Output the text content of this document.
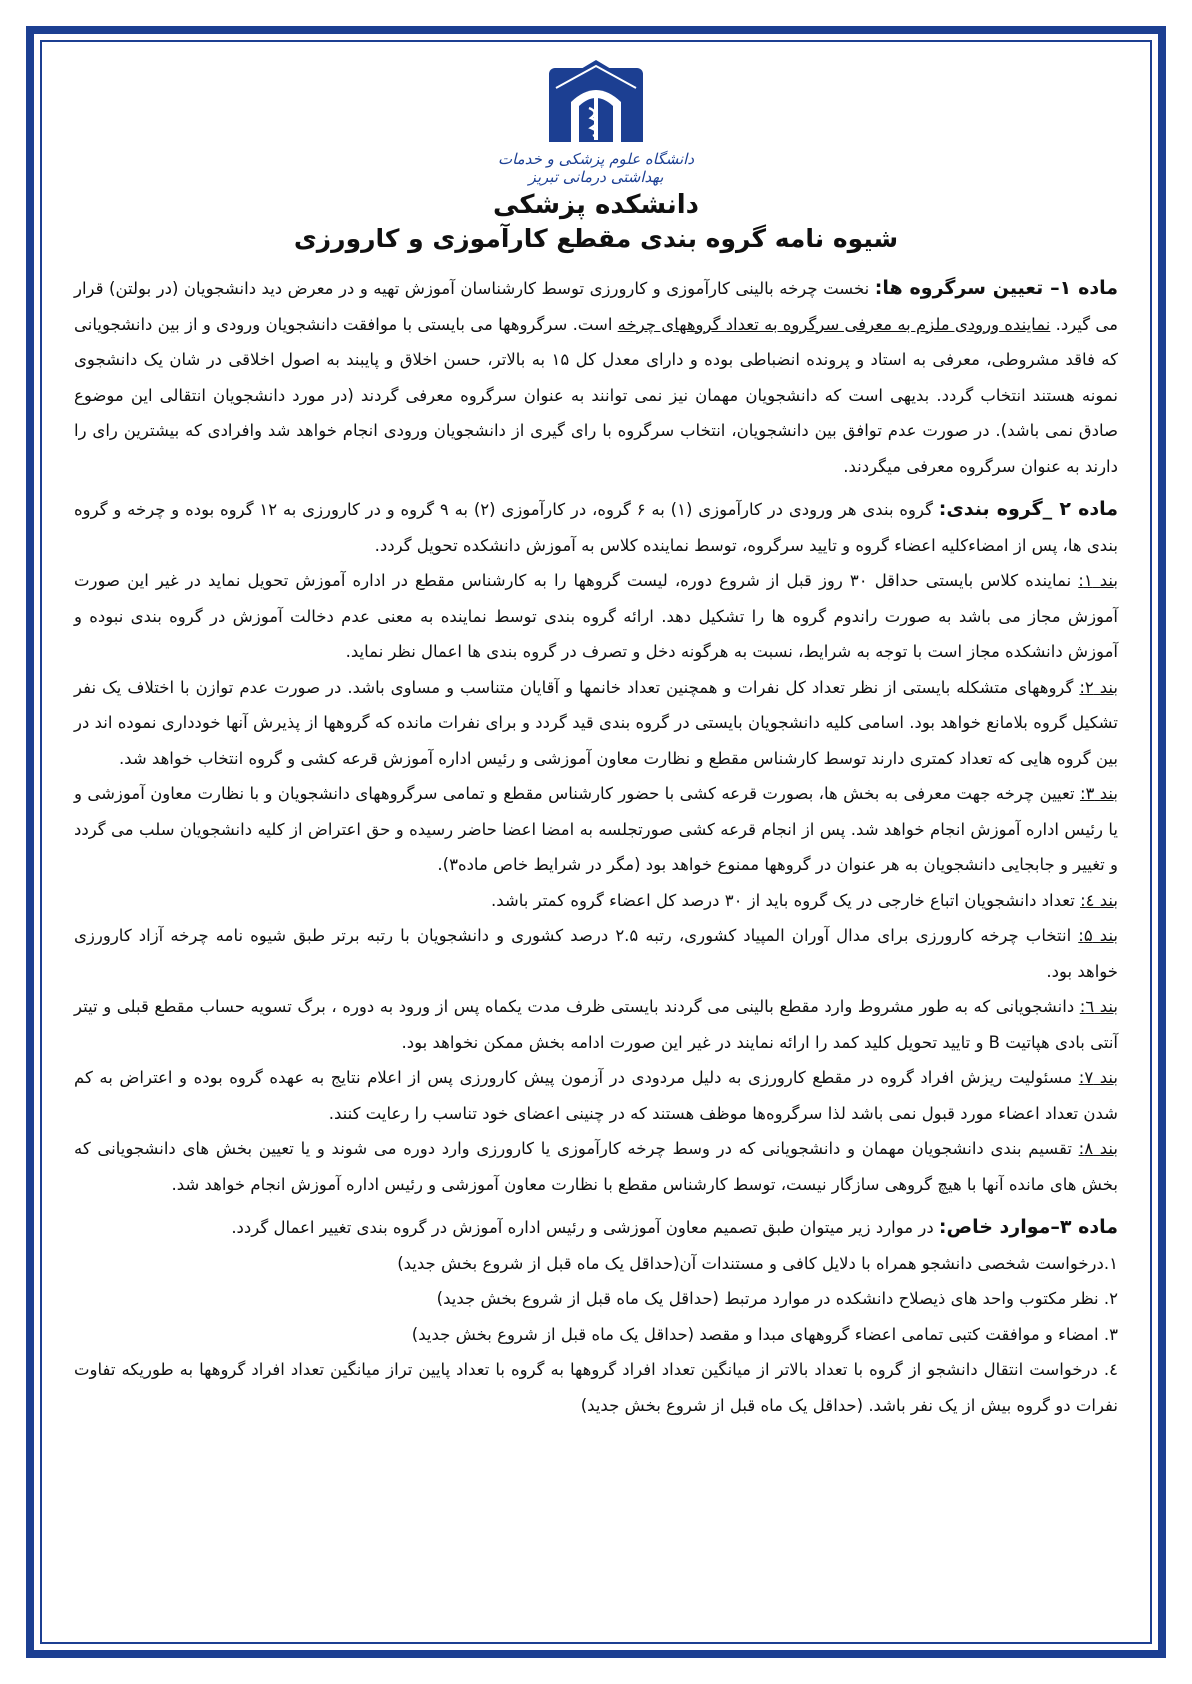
دانشگاه علوم پزشکی و خدمات بهداشتی درمانی تبریز
دانشکده پزشکی
شیوه نامه گروه بندی مقطع کارآموزی و کارورزی
ماده ۱– تعیین سرگروه ها: نخست چرخه بالینی کارآموزی و کارورزی توسط کارشناسان آموزش تهیه و در معرض دید دانشجویان (در بولتن) قرار می گیرد. نماینده ورودی ملزم به معرفی سرگروه به تعداد گروههای چرخه است. سرگروهها می بایستی با موافقت دانشجویان ورودی و از بین دانشجویانی که فاقد مشروطی، معرفی به استاد و پرونده انضباطی بوده و دارای معدل کل ۱۵ به بالاتر، حسن اخلاق و پایبند به اصول اخلاقی در شان یک دانشجوی نمونه هستند انتخاب گردد. بدیهی است که دانشجویان مهمان نیز نمی توانند به عنوان سرگروه معرفی گردند (در مورد دانشجویان انتقالی این موضوع صادق نمی باشد). در صورت عدم توافق بین دانشجویان، انتخاب سرگروه با رای گیری از دانشجویان ورودی انجام خواهد شد وافرادی که بیشترین رای را دارند به عنوان سرگروه معرفی میگردند.
ماده ۲ _گروه بندی: گروه بندی هر ورودی در کارآموزی (۱) به ۶ گروه، در کارآموزی (۲) به ۹ گروه و در کارورزی به ۱۲ گروه بوده و چرخه و گروه بندی ها، پس از امضاءکلیه اعضاء گروه و تایید سرگروه، توسط نماینده کلاس به آموزش دانشکده تحویل گردد.
بند ۱: نماینده کلاس بایستی حداقل ۳۰ روز قبل از شروع دوره، لیست گروهها را به کارشناس مقطع در اداره آموزش تحویل نماید در غیر این صورت آموزش مجاز می باشد به صورت راندوم گروه ها را تشکیل دهد. ارائه گروه بندی توسط نماینده به معنی عدم دخالت آموزش در گروه بندی نبوده و آموزش دانشکده مجاز است با توجه به شرایط، نسبت به هرگونه دخل و تصرف در گروه بندی ها اعمال نظر نماید.
بند ۲: گروههای متشکله بایستی از نظر تعداد کل نفرات و همچنین تعداد خانمها و آقایان متناسب و مساوی باشد. در صورت عدم توازن با اختلاف یک نفر تشکیل گروه بلامانع خواهد بود. اسامی کلیه دانشجویان بایستی در گروه بندی قید گردد و برای نفرات مانده که گروهها از پذیرش آنها خودداری نموده اند در بین گروه هایی که تعداد کمتری دارند توسط کارشناس مقطع و نظارت معاون آموزشی و رئیس اداره آموزش قرعه کشی و گروه انتخاب خواهد شد.
بند ۳: تعیین چرخه جهت معرفی به بخش ها، بصورت قرعه کشی با حضور کارشناس مقطع و تمامی سرگروههای دانشجویان و با نظارت معاون آموزشی و یا رئیس اداره آموزش انجام خواهد شد. پس از انجام قرعه کشی صورتجلسه به امضا اعضا حاضر رسیده و حق اعتراض از کلیه دانشجویان سلب می گردد و تغییر و جابجایی دانشجویان به هر عنوان در گروهها ممنوع خواهد بود (مگر در شرایط خاص ماده۳).
بند ٤: تعداد دانشجویان اتباع خارجی در یک گروه باید از ۳۰ درصد کل اعضاء گروه کمتر باشد.
بند ۵: انتخاب چرخه کارورزی برای مدال آوران المپیاد کشوری، رتبه ۲.۵ درصد کشوری و دانشجویان با رتبه برتر طبق شیوه نامه چرخه آزاد کارورزی خواهد بود.
بند ٦: دانشجویانی که به طور مشروط وارد مقطع بالینی می گردند بایستی ظرف مدت یکماه پس از ورود به دوره ، برگ تسویه حساب مقطع قبلی و تیتر آنتی بادی هپاتیت B و تایید تحویل کلید کمد را ارائه نمایند در غیر این صورت ادامه بخش ممکن نخواهد بود.
بند ۷: مسئولیت ریزش افراد گروه در مقطع کارورزی به دلیل مردودی در آزمون پیش کارورزی پس از اعلام نتایج به عهده گروه بوده و اعتراض به کم شدن تعداد اعضاء مورد قبول نمی باشد لذا سرگروه‌ها موظف هستند که در چنینی اعضای خود تناسب را رعایت کنند.
بند ۸: تقسیم بندی دانشجویان مهمان و دانشجویانی که در وسط چرخه کارآموزی یا کارورزی وارد دوره می شوند و یا تعیین بخش های دانشجویانی که بخش های مانده آنها با هیچ گروهی سازگار نیست، توسط کارشناس مقطع با نظارت معاون آموزشی و رئیس اداره آموزش انجام خواهد شد.
ماده ۳–موارد خاص: در موارد زیر میتوان طبق تصمیم معاون آموزشی و رئیس اداره آموزش در گروه بندی تغییر اعمال گردد.
۱.درخواست شخصی دانشجو همراه با دلایل کافی و مستندات آن(حداقل یک ماه قبل از شروع بخش جدید)
۲. نظر مکتوب واحد های ذیصلاح دانشکده در موارد مرتبط (حداقل یک ماه قبل از شروع بخش جدید)
۳. امضاء و موافقت کتبی تمامی اعضاء گروههای مبدا و مقصد (حداقل یک ماه قبل از شروع بخش جدید)
٤. درخواست انتقال دانشجو از گروه با تعداد بالاتر از میانگین تعداد افراد گروهها به گروه با تعداد پایین تراز میانگین تعداد افراد گروهها به طوریکه تفاوت نفرات دو گروه بیش از یک نفر باشد. (حداقل یک ماه قبل از شروع بخش جدید)
